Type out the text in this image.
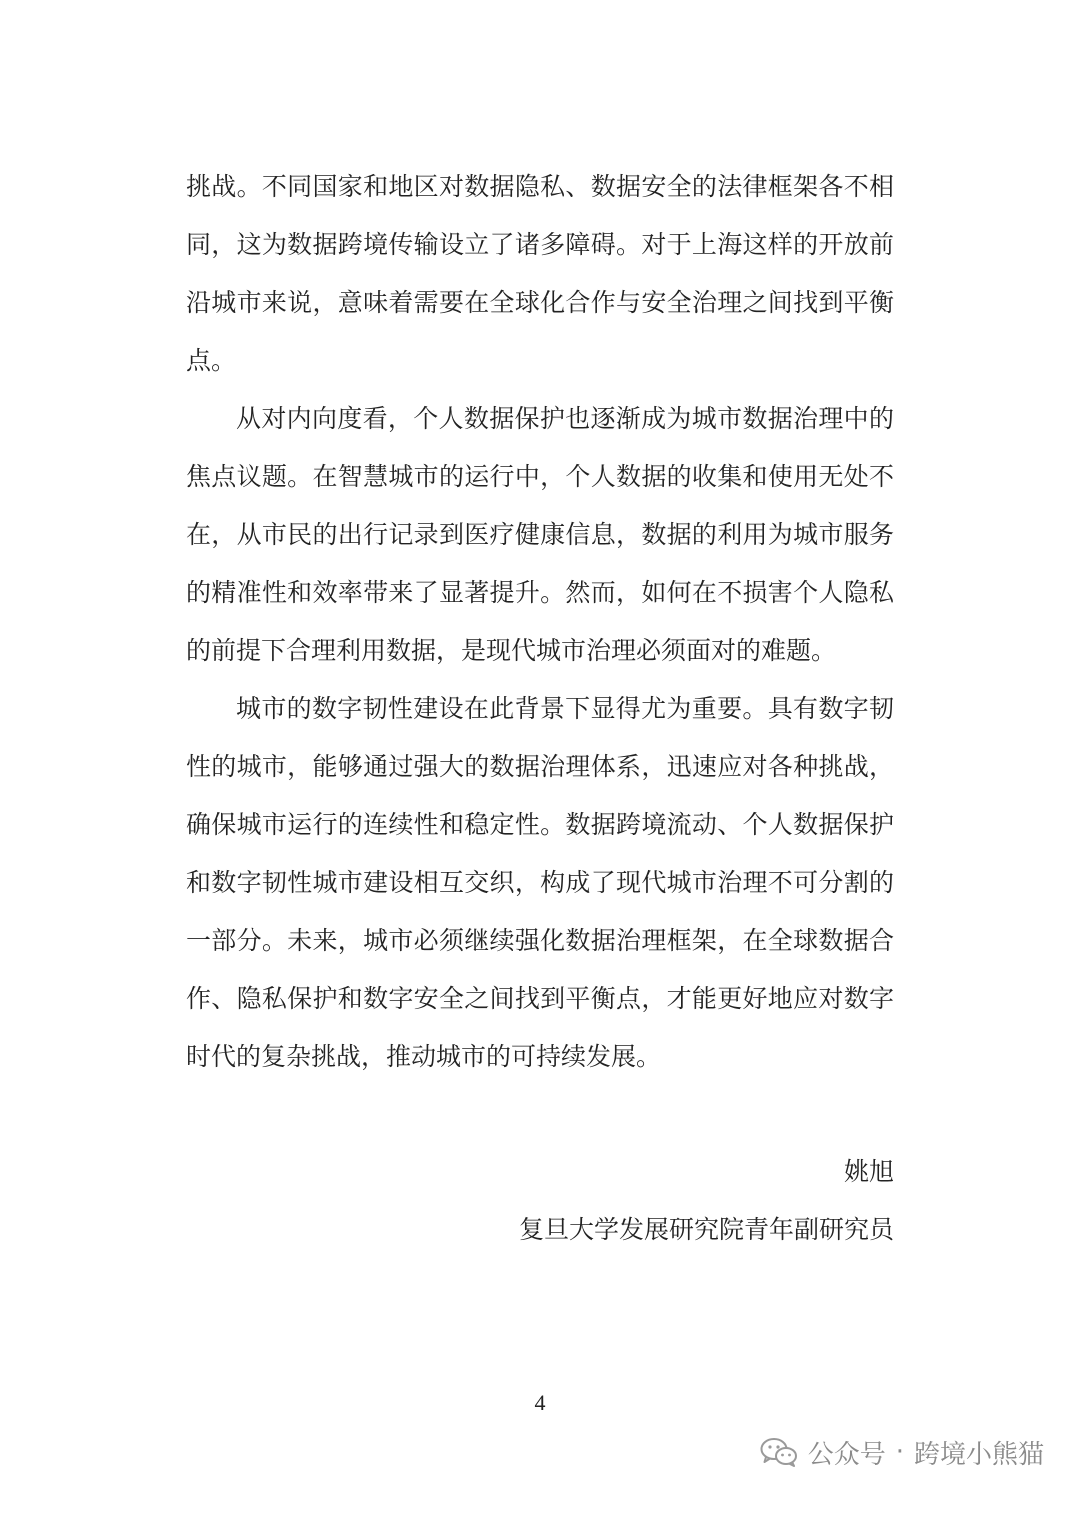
挑战。不同国家和地区对数据隐私、数据安全的法律框架各不相
同，这为数据跨境传输设立了诸多障碍。对于上海这样的开放前
沿城市来说，意味着需要在全球化合作与安全治理之间找到平衡
点。
从对内向度看，个人数据保护也逐渐成为城市数据治理中的
焦点议题。在智慧城市的运行中，个人数据的收集和使用无处不
在，从市民的出行记录到医疗健康信息，数据的利用为城市服务
的精准性和效率带来了显著提升。然而，如何在不损害个人隐私
的前提下合理利用数据，是现代城市治理必须面对的难题。
城市的数字韧性建设在此背景下显得尤为重要。具有数字韧
性的城市，能够通过强大的数据治理体系，迅速应对各种挑战，
确保城市运行的连续性和稳定性。数据跨境流动、个人数据保护
和数字韧性城市建设相互交织，构成了现代城市治理不可分割的
一部分。未来，城市必须继续强化数据治理框架，在全球数据合
作、隐私保护和数字安全之间找到平衡点，才能更好地应对数字
时代的复杂挑战，推动城市的可持续发展。
姚旭
复旦大学发展研究院青年副研究员
4
公众号 · 跨境小熊猫
